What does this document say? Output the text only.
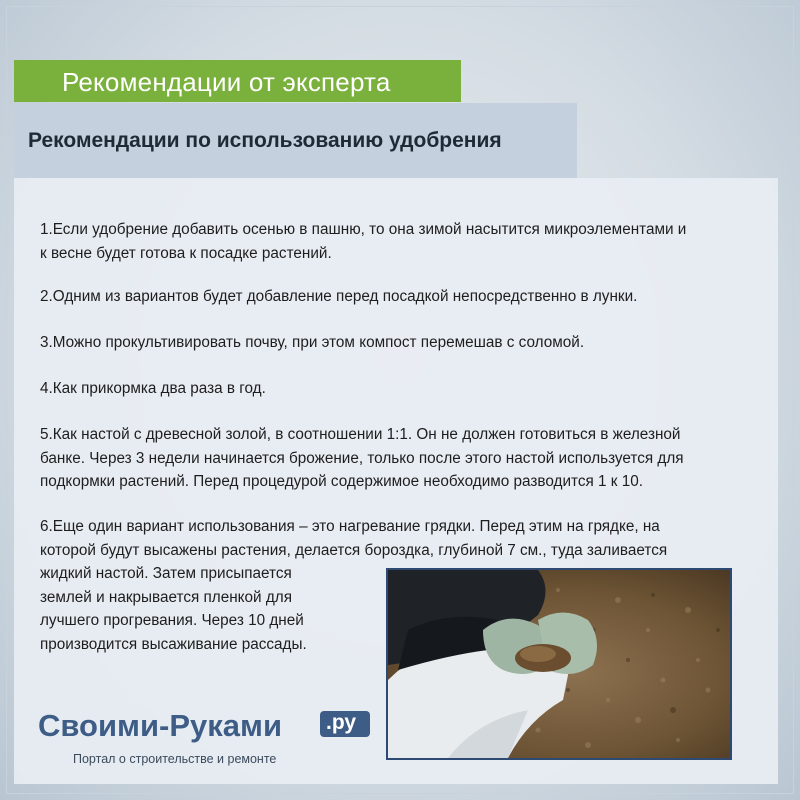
Рекомендации от эксперта
Рекомендации по использованию удобрения
1.Если удобрение добавить осенью в пашню, то она зимой насытится микроэлементами и
к весне будет готова к посадке растений.
2.Одним из вариантов будет добавление перед посадкой непосредственно в лунки.
3.Можно прокультивировать почву, при этом компост перемешав с соломой.
4.Как прикормка два раза в год.
5.Как настой с древесной золой, в соотношении 1:1. Он не должен готовиться в железной
банке. Через 3 недели начинается брожение, только после этого настой используется для
подкормки растений. Перед процедурой содержимое необходимо разводится 1 к 10.
6.Еще один вариант использования – это нагревание грядки. Перед этим на грядке, на
которой будут высажены растения, делается бороздка, глубиной 7 см., туда заливается
жидкий настой. Затем присыпается
землей и накрывается пленкой для
лучшего прогревания. Через 10 дней
производится высаживание рассады.
Своими-Руками .ру
Портал о строительстве и ремонте
